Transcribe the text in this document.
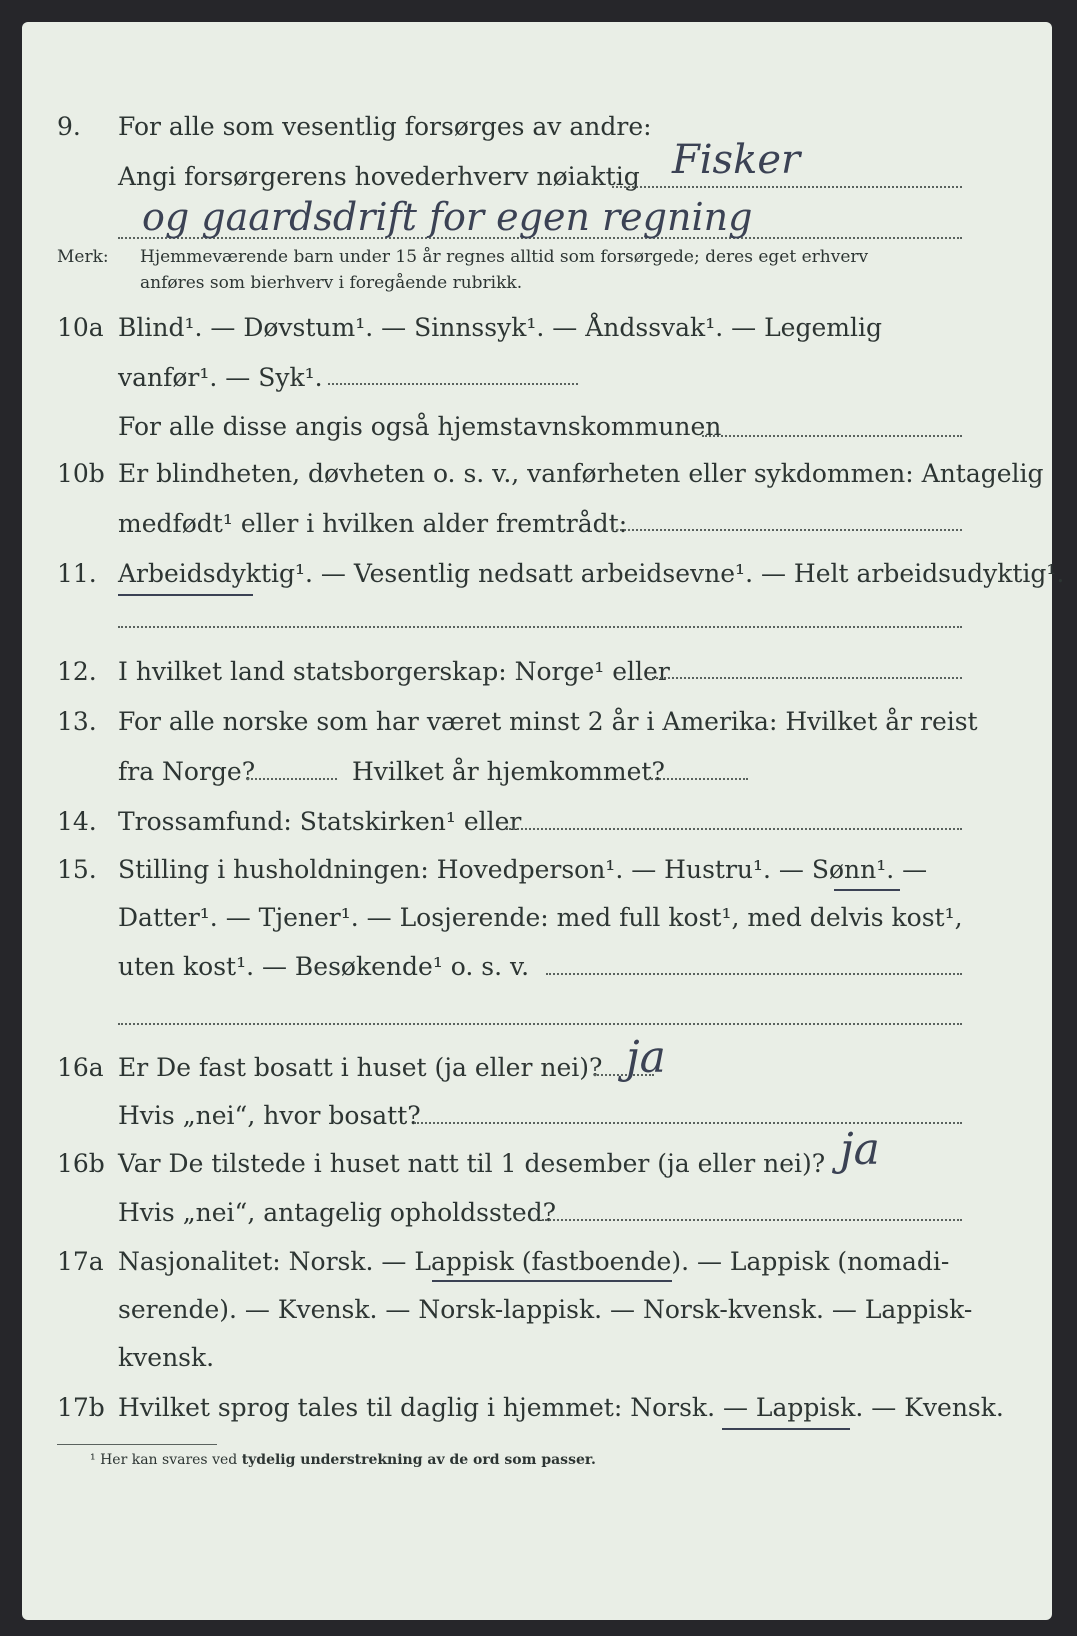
9. For alle som vesentlig forsørges av andre:
Angi forsørgerens hovederhverv nøiaktig Fisker
og gaardsdrift for egen regning
Merk: Hjemmeværende barn under 15 år regnes alltid som forsørgede; deres eget erhverv
anføres som bierhverv i foregående rubrikk.
10a Blind¹. — Døvstum¹. — Sinnssyk¹. — Åndssvak¹. — Legemlig
vanfør¹. — Syk¹.
For alle disse angis også hjemstavnskommunen
10b Er blindheten, døvheten o. s. v., vanførheten eller sykdommen: Antagelig
medfødt¹ eller i hvilken alder fremtrådt:
11. Arbeidsdyktig¹. — Vesentlig nedsatt arbeidsevne¹. — Helt arbeidsudyktig¹.
12. I hvilket land statsborgerskap: Norge¹ eller
13. For alle norske som har været minst 2 år i Amerika: Hvilket år reist
fra Norge?	Hvilket år hjemkommet?
14. Trossamfund: Statskirken¹ eller
15. Stilling i husholdningen: Hovedperson¹. — Hustru¹. — Sønn¹. —
Datter¹. — Tjener¹. — Losjerende: med full kost¹, med delvis kost¹,
uten kost¹. — Besøkende¹ o. s. v.
16a Er De fast bosatt i huset (ja eller nei)? ja
Hvis „nei“, hvor bosatt?
16b Var De tilstede i huset natt til 1 desember (ja eller nei)? ja
Hvis „nei“, antagelig opholdssted?
17a Nasjonalitet: Norsk. — Lappisk (fastboende). — Lappisk (nomadi-
serende). — Kvensk. — Norsk-lappisk. — Norsk-kvensk. — Lappisk-
kvensk.
17b Hvilket sprog tales til daglig i hjemmet: Norsk. — Lappisk. — Kvensk.
¹ Her kan svares ved tydelig understrekning av de ord som passer.
